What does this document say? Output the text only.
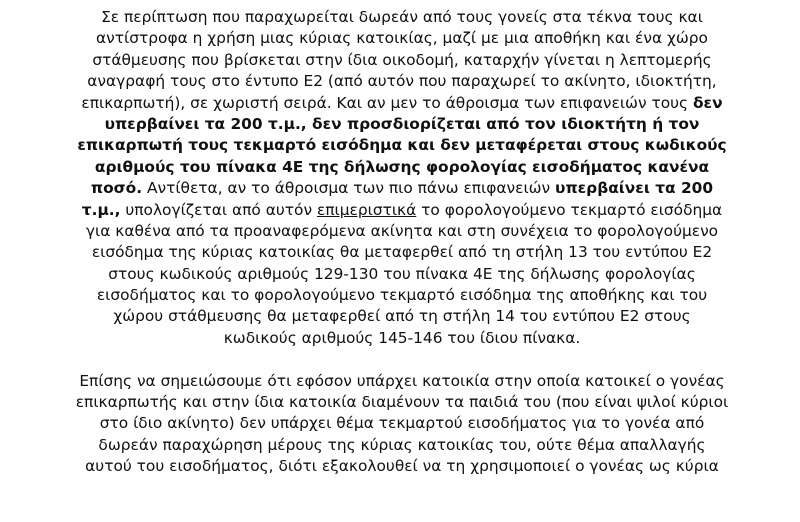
Σε περίπτωση που παραχωρείται δωρεάν από τους γονείς στα τέκνα τους και
αντίστροφα η χρήση μιας κύριας κατοικίας, μαζί με μια αποθήκη και ένα χώρο
στάθμευσης που βρίσκεται στην ίδια οικοδομή, καταρχήν γίνεται η λεπτομερής
αναγραφή τους στο έντυπο Ε2 (από αυτόν που παραχωρεί το ακίνητο, ιδιοκτήτη,
επικαρπωτή), σε χωριστή σειρά. Και αν μεν το άθροισμα των επιφανειών τους δεν
υπερβαίνει τα 200 τ.μ., δεν προσδιορίζεται από τον ιδιοκτήτη ή τον
επικαρπωτή τους τεκμαρτό εισόδημα και δεν μεταφέρεται στους κωδικούς
αριθμούς του πίνακα 4Ε της δήλωσης φορολογίας εισοδήματος κανένα
ποσό. Αντίθετα, αν το άθροισμα των πιο πάνω επιφανειών υπερβαίνει τα 200
τ.μ., υπολογίζεται από αυτόν επιμεριστικά το φορολογούμενο τεκμαρτό εισόδημα
για καθένα από τα προαναφερόμενα ακίνητα και στη συνέχεια το φορολογούμενο
εισόδημα της κύριας κατοικίας θα μεταφερθεί από τη στήλη 13 του εντύπου Ε2
στους κωδικούς αριθμούς 129-130 του πίνακα 4Ε της δήλωσης φορολογίας
εισοδήματος και το φορολογούμενο τεκμαρτό εισόδημα της αποθήκης και του
χώρου στάθμευσης θα μεταφερθεί από τη στήλη 14 του εντύπου Ε2 στους
κωδικούς αριθμούς 145-146 του ίδιου πίνακα.

Επίσης να σημειώσουμε ότι εφόσον υπάρχει κατοικία στην οποία κατοικεί ο γονέας
επικαρπωτής και στην ίδια κατοικία διαμένουν τα παιδιά του (που είναι ψιλοί κύριοι
στο ίδιο ακίνητο) δεν υπάρχει θέμα τεκμαρτού εισοδήματος για το γονέα από
δωρεάν παραχώρηση μέρους της κύριας κατοικίας του, ούτε θέμα απαλλαγής
αυτού του εισοδήματος, διότι εξακολουθεί να τη χρησιμοποιεί ο γονέας ως κύρια
